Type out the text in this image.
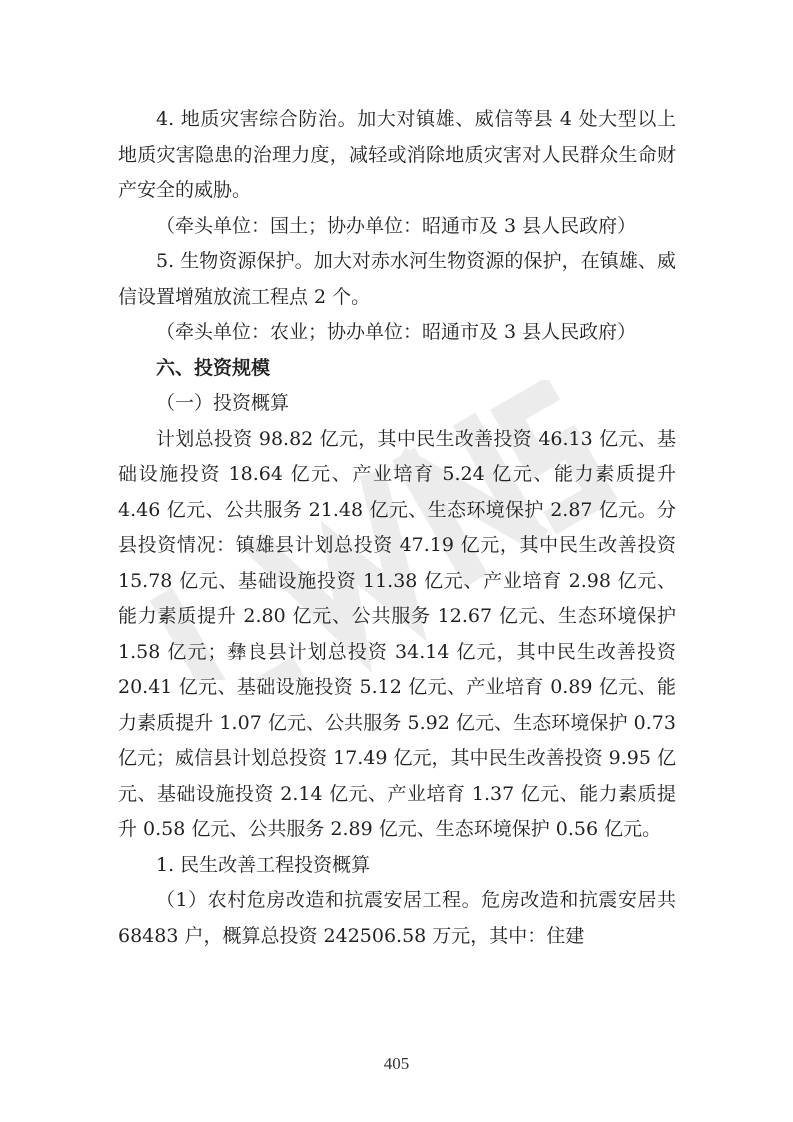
4. 地质灾害综合防治。加大对镇雄、威信等县 4 处大型以上地质灾害隐患的治理力度，减轻或消除地质灾害对人民群众生命财产安全的威胁。

（牵头单位：国土；协办单位：昭通市及 3 县人民政府）

5. 生物资源保护。加大对赤水河生物资源的保护，在镇雄、威信设置增殖放流工程点 2 个。

（牵头单位：农业；协办单位：昭通市及 3 县人民政府）

六、投资规模

（一）投资概算

计划总投资 98.82 亿元，其中民生改善投资 46.13 亿元、基础设施投资 18.64 亿元、产业培育 5.24 亿元、能力素质提升 4.46 亿元、公共服务 21.48 亿元、生态环境保护 2.87 亿元。分县投资情况：镇雄县计划总投资 47.19 亿元，其中民生改善投资 15.78 亿元、基础设施投资 11.38 亿元、产业培育 2.98 亿元、能力素质提升 2.80 亿元、公共服务 12.67 亿元、生态环境保护 1.58 亿元；彝良县计划总投资 34.14 亿元，其中民生改善投资 20.41 亿元、基础设施投资 5.12 亿元、产业培育 0.89 亿元、能力素质提升 1.07 亿元、公共服务 5.92 亿元、生态环境保护 0.73 亿元；威信县计划总投资 17.49 亿元，其中民生改善投资 9.95 亿元、基础设施投资 2.14 亿元、产业培育 1.37 亿元、能力素质提升 0.58 亿元、公共服务 2.89 亿元、生态环境保护 0.56 亿元。

1. 民生改善工程投资概算

（1）农村危房改造和抗震安居工程。危房改造和抗震安居共 68483 户，概算总投资 242506.58 万元，其中：住建

405
